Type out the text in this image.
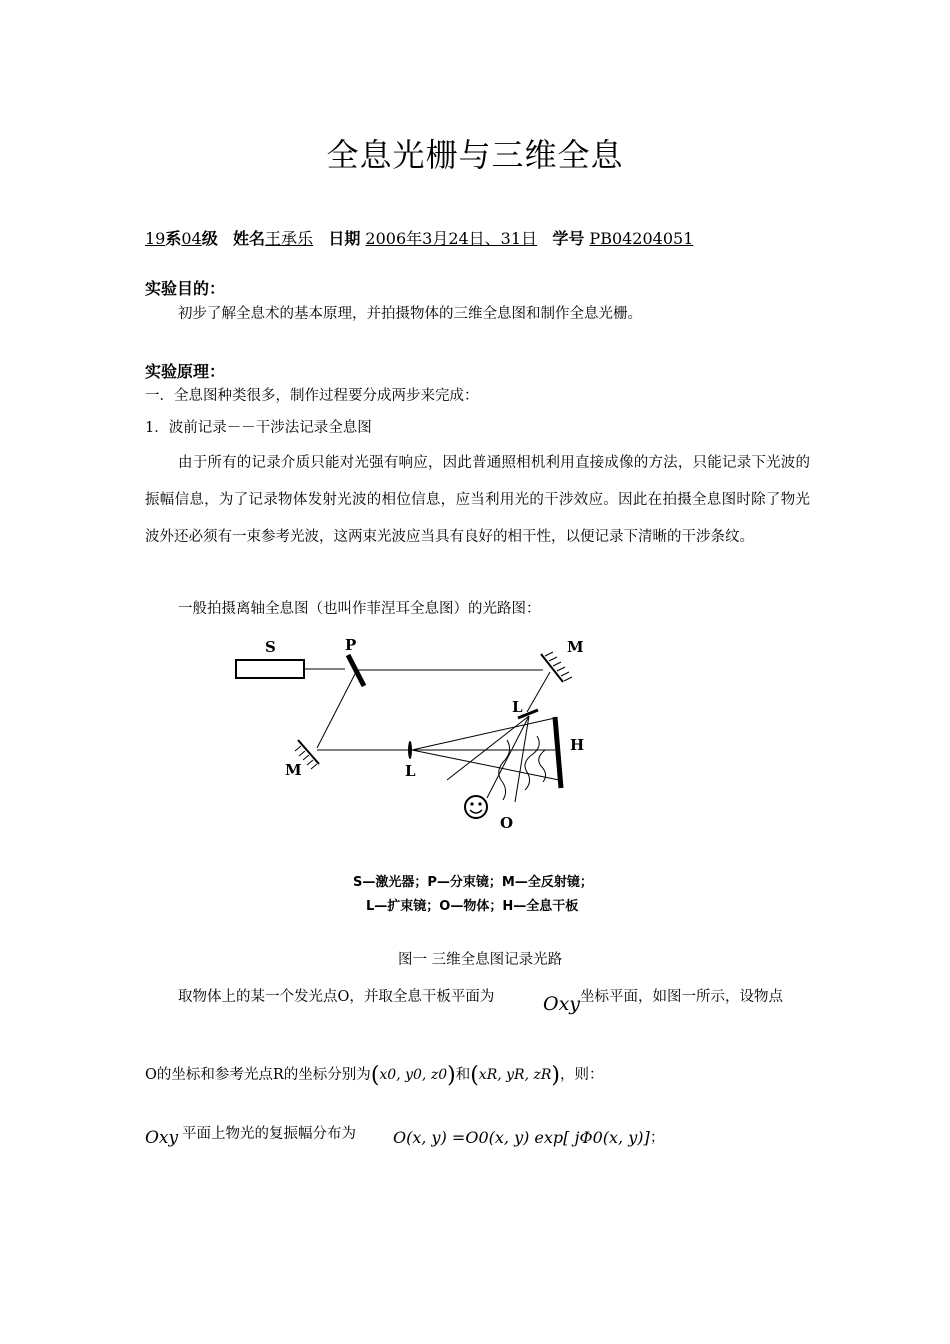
全息光栅与三维全息
19系04级 姓名王承乐 日期 2006年3月24日、31日 学号 PB04204051
实验目的：
初步了解全息术的基本原理，并拍摄物体的三维全息图和制作全息光栅。
实验原理：
一．全息图种类很多，制作过程要分成两步来完成：
1．波前记录－－干涉法记录全息图
由于所有的记录介质只能对光强有响应，因此普通照相机利用直接成像的方法，只能记录下光波的振幅信息，为了记录物体发射光波的相位信息，应当利用光的干涉效应。因此在拍摄全息图时除了物光波外还必须有一束参考光波，这两束光波应当具有良好的相干性，以便记录下清晰的干涉条纹。
一般拍摄离轴全息图（也叫作菲涅耳全息图）的光路图：
S	P	M
M	L
H
L
O
S—激光器；P—分束镜；M—全反射镜；
L—扩束镜；O—物体；H—全息干板
图一 三维全息图记录光路
取物体上的某一个发光点O，并取全息干板平面为	Oxy 坐标平面，如图一所示，设物点
O的坐标和参考光点R的坐标分别为(x0, y0, z0)和(xR, yR, zR)，则：
Oxy 平面上物光的复振幅分布为 O(x, y) =O0(x, y) exp[ jΦ0(x, y)] ；
